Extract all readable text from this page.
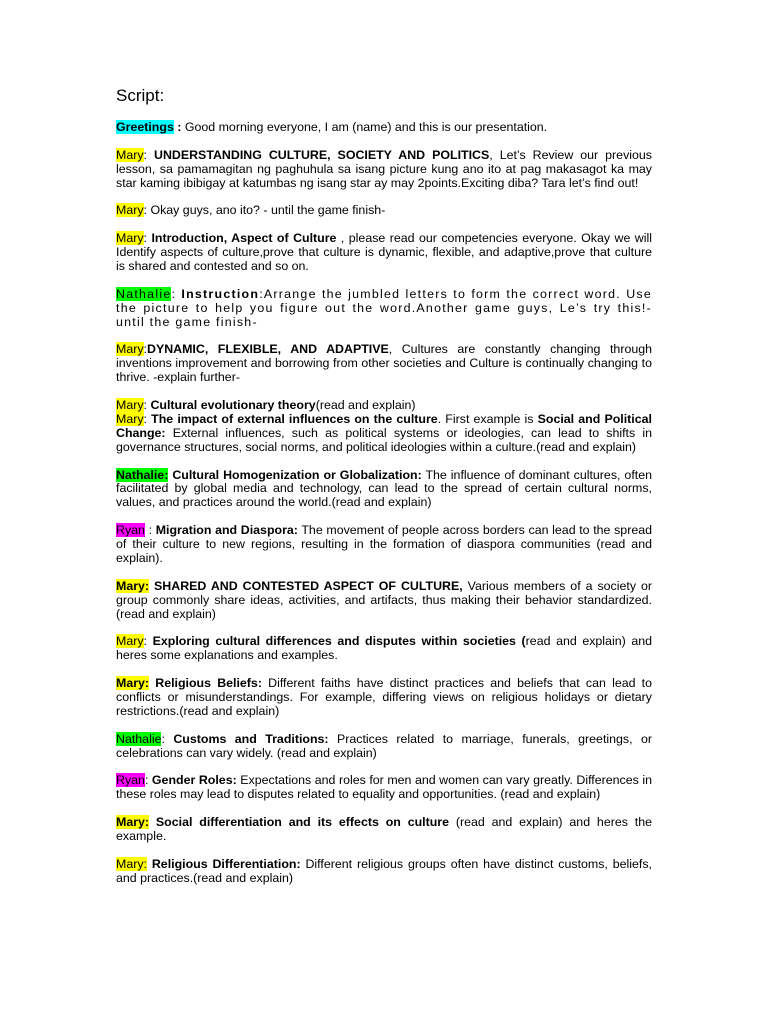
Script:

Greetings : Good morning everyone, I am (name) and this is our presentation.

Mary: UNDERSTANDING CULTURE, SOCIETY AND POLITICS, Let’s Review our previous lesson, sa pamamagitan ng paghuhula sa isang picture kung ano ito at pag makasagot ka may star kaming ibibigay at katumbas ng isang star ay may 2points.Exciting diba? Tara let’s find out!

Mary: Okay guys, ano ito? - until the game finish-

Mary: Introduction, Aspect of Culture , please read our competencies everyone. Okay we will Identify aspects of culture,prove that culture is dynamic, flexible, and adaptive,prove that culture is shared and contested and so on.

Nathalie: Instruction:Arrange the jumbled letters to form the correct word. Use the picture to help you figure out the word.Another game guys, Le’s try this!- until the game finish-

Mary:DYNAMIC, FLEXIBLE, AND ADAPTIVE, Cultures are constantly changing through inventions improvement and borrowing from other societies and Culture is continually changing to thrive. -explain further-

Mary: Cultural evolutionary theory(read and explain)

Mary: The impact of external influences on the culture. First example is Social and Political Change: External influences, such as political systems or ideologies, can lead to shifts in governance structures, social norms, and political ideologies within a culture.(read and explain)

Nathalie: Cultural Homogenization or Globalization: The influence of dominant cultures, often facilitated by global media and technology, can lead to the spread of certain cultural norms, values, and practices around the world.(read and explain)

Ryan : Migration and Diaspora: The movement of people across borders can lead to the spread of their culture to new regions, resulting in the formation of diaspora communities (read and explain).

Mary: SHARED AND CONTESTED ASPECT OF CULTURE, Various members of a society or group commonly share ideas, activities, and artifacts, thus making their behavior standardized. (read and explain)

Mary: Exploring cultural differences and disputes within societies (read and explain) and heres some explanations and examples.

Mary: Religious Beliefs: Different faiths have distinct practices and beliefs that can lead to conflicts or misunderstandings. For example, differing views on religious holidays or dietary restrictions.(read and explain)

Nathalie: Customs and Traditions: Practices related to marriage, funerals, greetings, or celebrations can vary widely. (read and explain)

Ryan: Gender Roles: Expectations and roles for men and women can vary greatly. Differences in these roles may lead to disputes related to equality and opportunities. (read and explain)

Mary: Social differentiation and its effects on culture (read and explain) and heres the example.

Mary: Religious Differentiation: Different religious groups often have distinct customs, beliefs, and practices.(read and explain)
